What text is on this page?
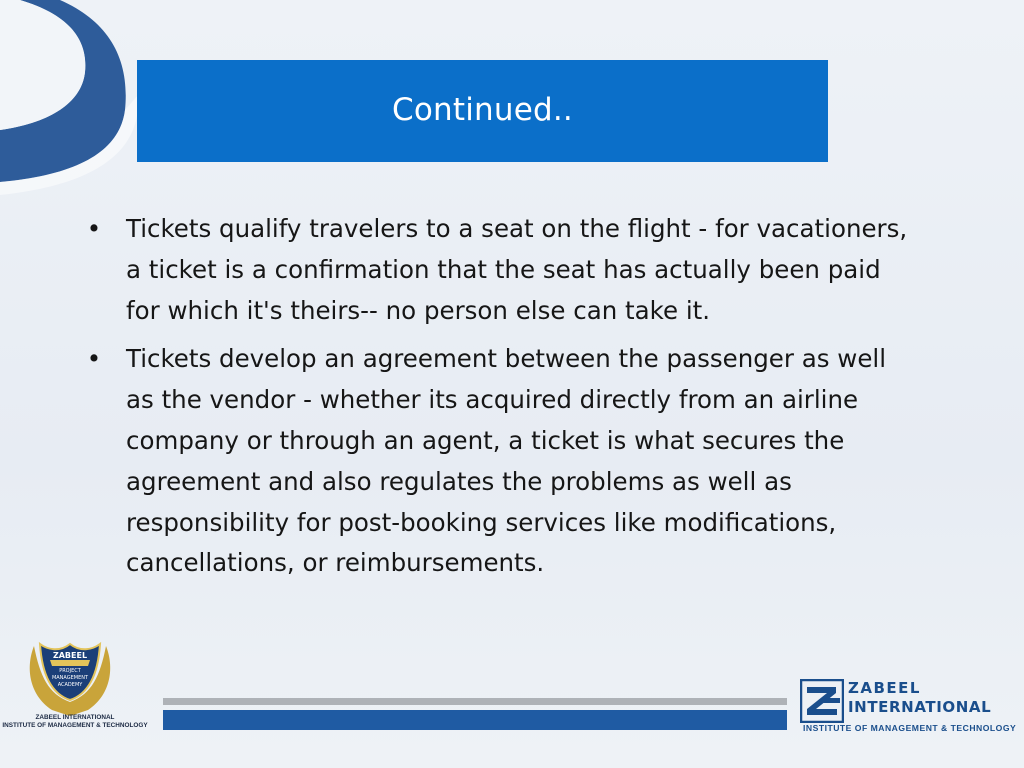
Continued..
• Tickets qualify travelers to a seat on the flight - for vacationers, a ticket is a confirmation that the seat has actually been paid for which it's theirs-- no person else can take it.
• Tickets develop an agreement between the passenger as well as the vendor - whether its acquired directly from an airline company or through an agent, a ticket is what secures the agreement and also regulates the problems as well as responsibility for post-booking services like modifications, cancellations, or reimbursements.
ZABEEL
PROJECT
MANAGEMENT
ACADEMY
ZABEEL INTERNATIONAL
INSTITUTE OF MANAGEMENT & TECHNOLOGY
ZABEEL
INTERNATIONAL
INSTITUTE OF MANAGEMENT & TECHNOLOGY
